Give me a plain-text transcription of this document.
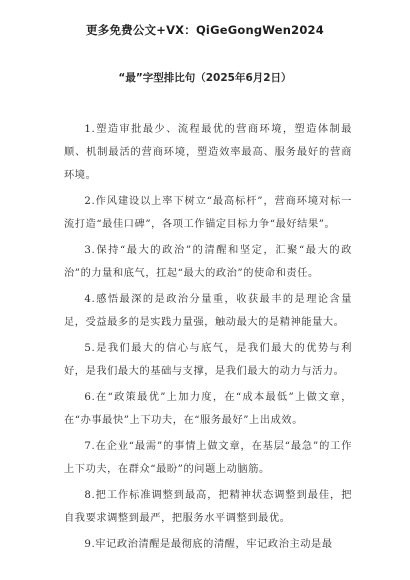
更多免费公文+VX：QiGeGongWen2024
“最”字型排比句（2025年6月2日）

1.塑造审批最少、流程最优的营商环境，塑造体制最顺、机制最活的营商环境，塑造效率最高、服务最好的营商环境。

2.作风建设以上率下树立“最高标杆”，营商环境对标一流打造“最佳口碑”，各项工作锚定目标力争“最好结果”。

3.保持“最大的政治”的清醒和坚定，汇聚“最大的政治”的力量和底气，扛起“最大的政治”的使命和责任。

4.感悟最深的是政治分量重，收获最丰的是理论含量足，受益最多的是实践力量强，触动最大的是精神能量大。

5.是我们最大的信心与底气，是我们最大的优势与利好，是我们最大的基础与支撑，是我们最大的动力与活力。

6.在“政策最优”上加力度，在“成本最低”上做文章，在“办事最快”上下功夫，在“服务最好”上出成效。

7.在企业“最需”的事情上做文章，在基层“最急”的工作上下功夫，在群众“最盼”的问题上动脑筋。

8.把工作标准调整到最高，把精神状态调整到最佳，把自我要求调整到最严，把服务水平调整到最优。

9.牢记政治清醒是最彻底的清醒，牢记政治主动是最
